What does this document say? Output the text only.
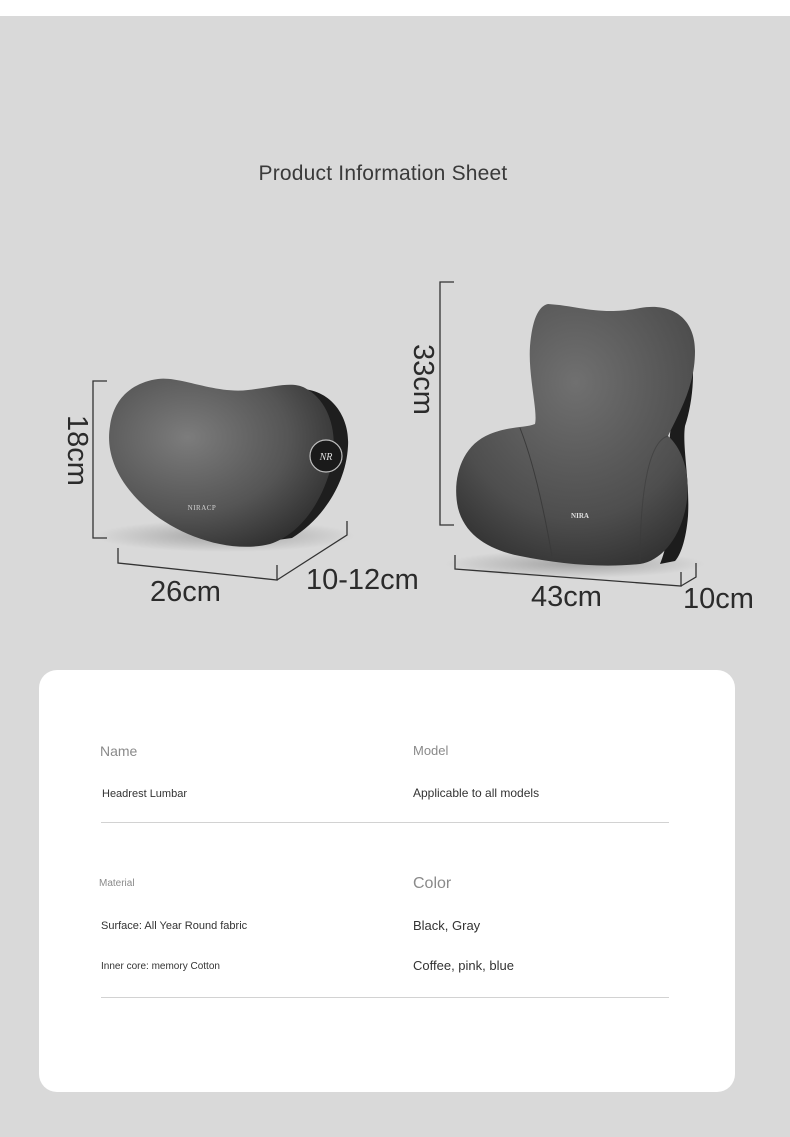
Product Information Sheet
NR
NIRACP
NIRA
18cm
26cm	10-12cm
33cm
43cm	10cm
Name
Headrest Lumbar
Model
Applicable to all models
Material
Surface: All Year Round fabric
Inner core: memory Cotton
Color
Black, Gray
Coffee, pink, blue
